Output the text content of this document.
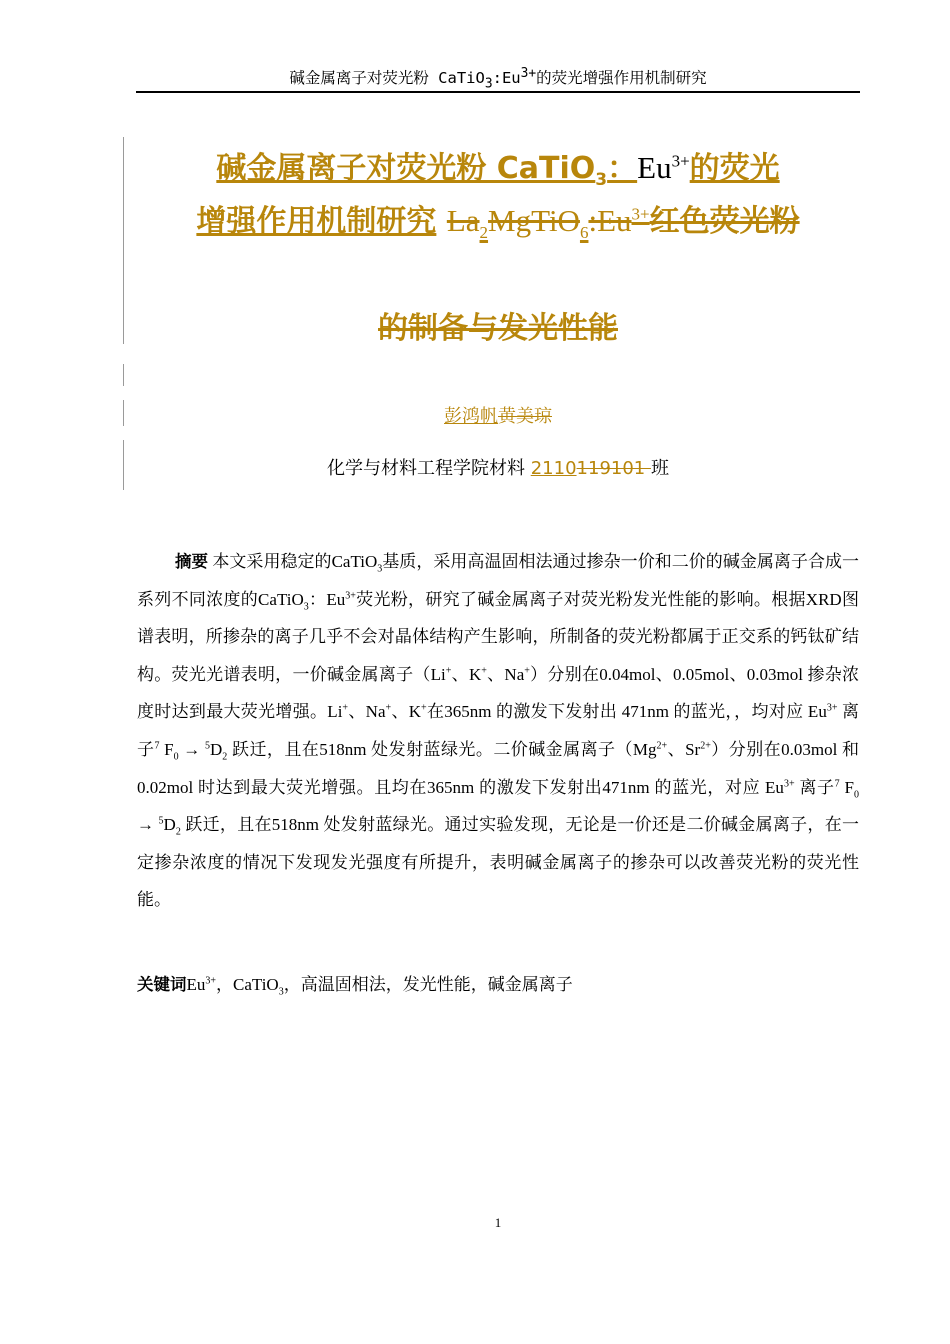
碱金属离子对荧光粉 $CaTiO_3:Eu^{3+}$的荧光增强作用机制研究
碱金属离子对荧光粉 CaTiO$_3$：$Eu^{3+}$的荧光
增强作用机制研究 $La_2MgTiO_6:Eu^{3+}$红色荧光粉
的制备与发光性能
彭鸿帆黄美琼
化学与材料工程学院材料 2110119101 班
摘要 本文采用稳定的CaTiO$_3$基质，采用高温固相法通过掺杂一价和二价的碱金属离子合成一系列不同浓度的CaTiO$_3$：$Eu^{3+}$荧光粉，研究了碱金属离子对荧光粉发光性能的影响。根据XRD图谱表明，所掺杂的离子几乎不会对晶体结构产生影响，所制备的荧光粉都属于正交系的钙钛矿结构。荧光光谱表明，一价碱金属离子（Li+、K+、Na+）分别在0.04mol、0.05mol、0.03mol 掺杂浓度时达到最大荧光增强。Li+、Na+、K+在365nm 的激发下发射出 471nm 的蓝光，，均对应 $Eu^{3+}$ 离子$^7$ $F_0 \to ^5D_2$ 跃迁，且在518nm 处发射蓝绿光。二价碱金属离子（$Mg^{2+}$、$Sr^{2+}$）分别在0.03mol 和0.02mol 时达到最大荧光增强。且均在365nm 的激发下发射出471nm 的蓝光，对应 $Eu^{3+}$ 离子$^7$ $F_0 \to ^5D_2$ 跃迁，且在518nm 处发射蓝绿光。通过实验发现，无论是一价还是二价碱金属离子，在一定掺杂浓度的情况下发现发光强度有所提升，表明碱金属离子的掺杂可以改善荧光粉的荧光性能。
关键词$Eu^{3+}$，CaTiO$_3$，高温固相法，发光性能，碱金属离子
1
